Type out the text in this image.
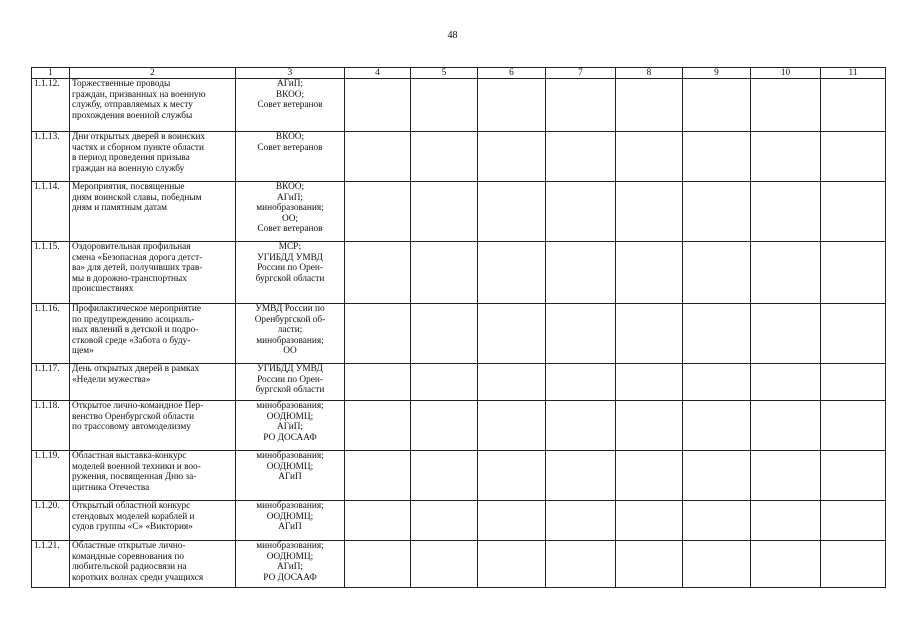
48
1	2	3	4	5	6	7	8	9	10	11
1.1.12.	Торжественные проводы
граждан, призванных на военную
службу, отправляемых к месту
прохождения военной службы	АГиП;
ВКОО;
Совет ветеранов								

1.1.13.	Дни открытых дверей в воинских
частях и сборном пункте области
в период проведения призыва
граждан на военную службу	ВКОО;
Совет ветеранов								

1.1.14.	Мероприятия, посвященные
дням воинской славы, победным
дням и памятным датам	ВКОО;
АГиП;
минобразования;
ОО;
Совет ветеранов								

1.1.15.	Оздоровительная профильная
смена «Безопасная дорога детст-
ва» для детей, получивших трав-
мы в дорожно-транспортных
происшествиях	МСР;
УГИБДД УМВД
России по Орен-
бургской области								

1.1.16.	Профилактическое мероприятие
по предупреждению асоциаль-
ных явлений в детской и подро-
стковой среде «Забота о буду-
щем»	УМВД России по
Оренбургской об-
ласти;
минобразования;
ОО								

1.1.17.	День открытых дверей в рамках
«Недели мужества»	УГИБДД УМВД
России по Орен-
бургской области								

1.1.18.	Открытое лично-командное Пер-
венство Оренбургской области
по трассовому автомоделизму	минобразования;
ООДЮМЦ;
АГиП;
РО ДОСААФ								

1.1.19.	Областная выставка-конкурс
моделей военной техники и воо-
ружения, посвященная Дню за-
щитника Отечества	минобразования;
ООДЮМЦ;
АГиП								

1.1.20.	Открытый областной конкурс
стендовых моделей кораблей и
судов группы «С» «Виктория»	минобразования;
ООДЮМЦ;
АГиП								

1.1.21.	Областные открытые лично-
командные соревнования по
любительской радиосвязи на
коротких волнах среди учащихся	минобразования;
ООДЮМЦ;
АГиП;
РО ДОСААФ								
